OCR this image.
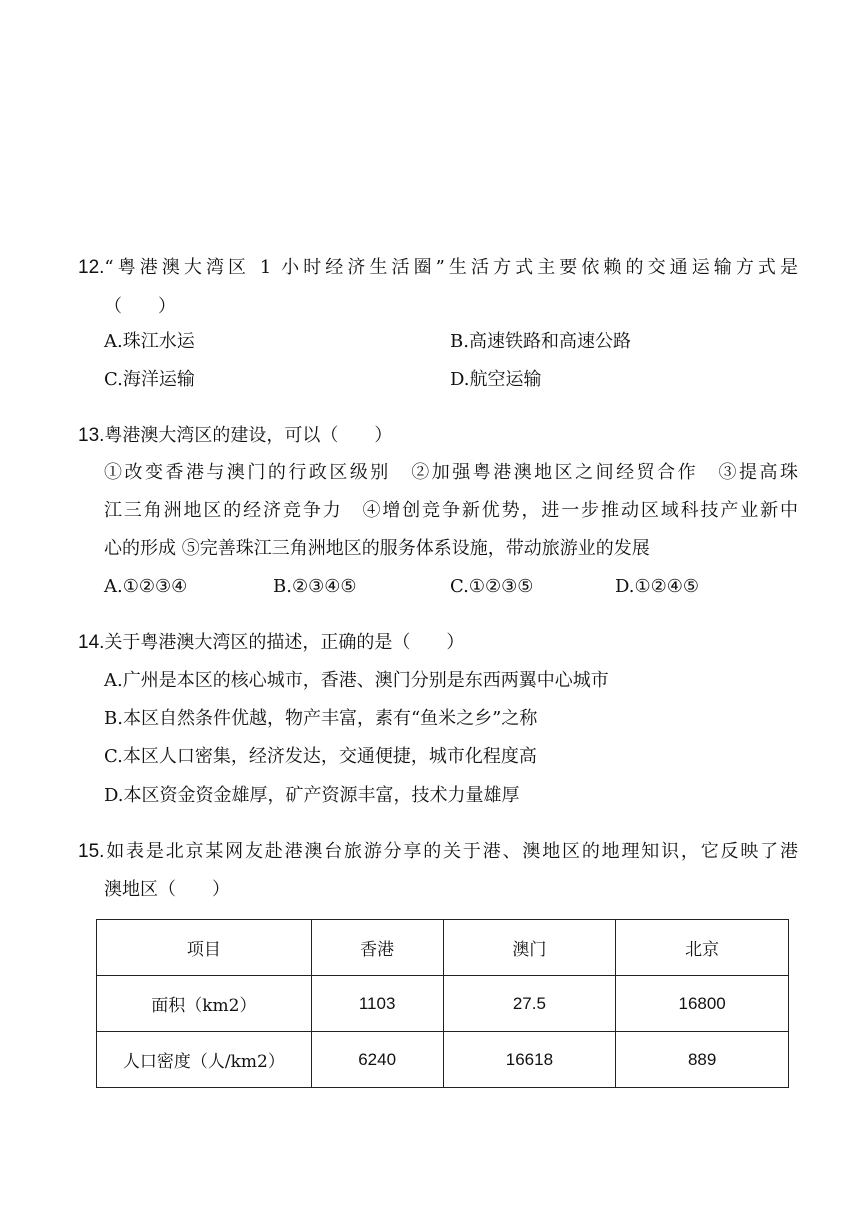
12.“粤港澳大湾区 1 小时经济生活圈”生活方式主要依赖的交通运输方式是
（　　）
A.珠江水运	B.高速铁路和高速公路
C.海洋运输	D.航空运输
13.粤港澳大湾区的建设，可以（　　）
①改变香港与澳门的行政区级别　②加强粤港澳地区之间经贸合作　③提高珠
江三角洲地区的经济竞争力　④增创竞争新优势，进一步推动区域科技产业新中
心的形成 ⑤完善珠江三角洲地区的服务体系设施，带动旅游业的发展
A.①②③④	B.②③④⑤	C.①②③⑤	D.①②④⑤
14.关于粤港澳大湾区的描述，正确的是（　　）
A.广州是本区的核心城市，香港、澳门分别是东西两翼中心城市
B.本区自然条件优越，物产丰富，素有“鱼米之乡”之称
C.本区人口密集，经济发达，交通便捷，城市化程度高
D.本区资金资金雄厚，矿产资源丰富，技术力量雄厚
15.如表是北京某网友赴港澳台旅游分享的关于港、澳地区的地理知识，它反映了港
澳地区（　　）
项目	香港	澳门	北京
面积（km2）	1103	27.5	16800
人口密度（人/km2）	6240	16618	889
